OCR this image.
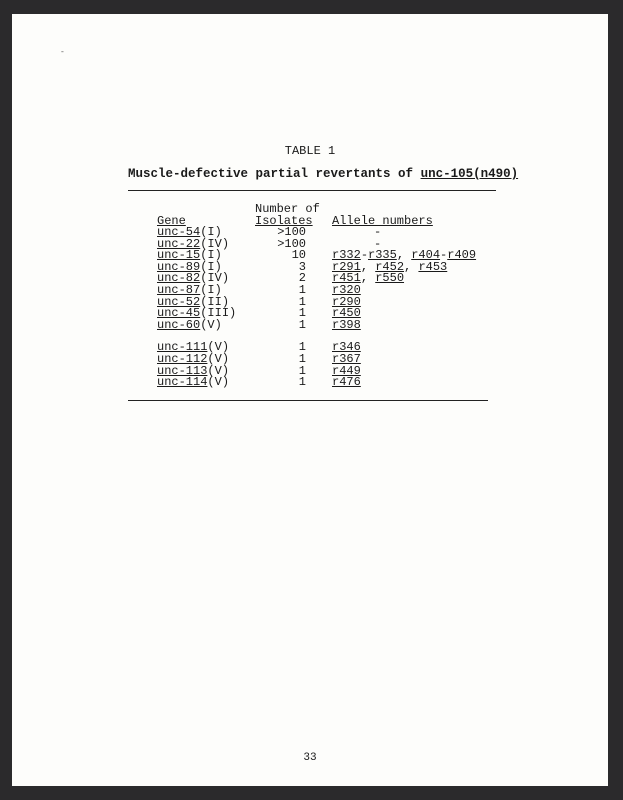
‐
TABLE 1
Muscle-defective partial revertants of unc-105(n490)
Number of
Gene	Isolates Allele numbers
unc-54(I)	>100	-
unc-22(IV)	>100	-
unc-15(I)	10 r332-r335, r404-r409
unc-89(I)	3 r291, r452, r453
unc-82(IV)	2 r451, r550
unc-87(I)	1 r320
unc-52(II)	1 r290
unc-45(III)	1 r450
unc-60(V)	1 r398
unc-111(V)	1 r346
unc-112(V)	1 r367
unc-113(V)	1 r449
unc-114(V)	1 r476
33
